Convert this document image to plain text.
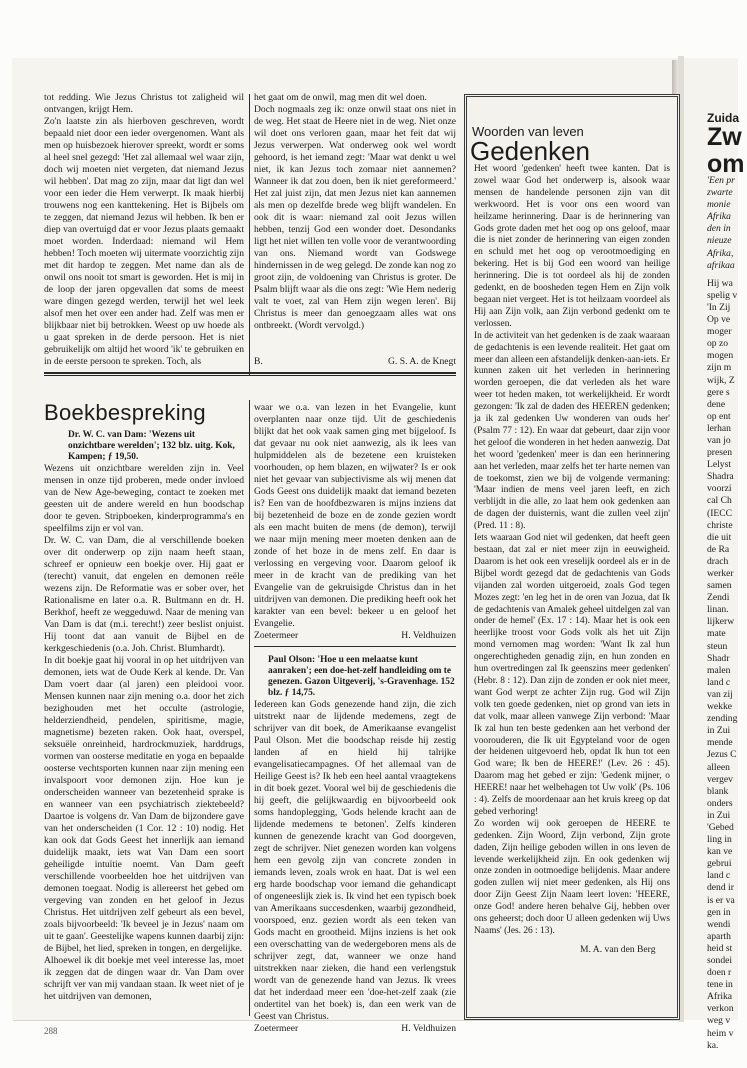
tot redding. Wie Jezus Christus tot zaligheid wil ontvangen, krijgt Hem.

Zo'n laatste zin als hierboven geschreven, wordt bepaald niet door een ieder overgenomen. Want als men op huisbezoek hierover spreekt, wordt er soms al heel snel gezegd: 'Het zal allemaal wel waar zijn, doch wij moeten niet vergeten, dat niemand Jezus wil hebben'. Dat mag zo zijn, maar dat ligt dan wel voor een ieder die Hem verwerpt. Ik maak hierbij trouwens nog een kanttekening. Het is Bijbels om te zeggen, dat niemand Jezus wil hebben. Ik ben er diep van overtuigd dat er voor Jezus plaats gemaakt moet worden. Inderdaad: niemand wil Hem hebben! Toch moeten wij uitermate voorzichtig zijn met dit hardop te zeggen. Met name dan als de onwil ons nooit tot smart is geworden. Het is mij in de loop der jaren opgevallen dat soms de meest ware dingen gezegd werden, terwijl het wel leek alsof men het over een ander had. Zelf was men er blijkbaar niet bij betrokken. Weest op uw hoede als u gaat spreken in de derde persoon. Het is niet gebruikelijk om altijd het woord 'ik' te gebruiken en in de eerste persoon te spreken. Toch, als

het gaat om de onwil, mag men dit wel doen.

Doch nogmaals zeg ik: onze onwil staat ons niet in de weg. Het staat de Heere niet in de weg. Niet onze wil doet ons verloren gaan, maar het feit dat wij Jezus verwerpen. Wat onderweg ook wel wordt gehoord, is het iemand zegt: 'Maar wat denkt u wel niet, ik kan Jezus toch zomaar niet aannemen? Wanneer ik dat zou doen, ben ik niet gereformeerd.' Het zal juist zijn, dat men Jezus niet kan aannemen als men op dezelfde brede weg blijft wandelen. En ook dit is waar: niemand zal ooit Jezus willen hebben, tenzij God een wonder doet. Desondanks ligt het niet willen ten volle voor de verantwoording van ons. Niemand wordt van Godswege hindernissen in de weg gelegd. De zonde kan nog zo groot zijn, de voldoening van Christus is groter. De Psalm blijft waar als die ons zegt: 'Wie Hem nederig valt te voet, zal van Hem zijn wegen leren'. Bij Christus is meer dan genoegzaam alles wat ons ontbreekt. (Wordt vervolgd.)

B.	G. S. A. de Knegt
Boekbespreking

Dr. W. C. van Dam: 'Wezens uit onzichtbare werelden'; 132 blz. uitg. Kok, Kampen; ƒ 19,50.

Wezens uit onzichtbare werelden zijn in. Veel mensen in onze tijd proberen, mede onder invloed van de New Age-beweging, contact te zoeken met geesten uit de andere wereld en hun boodschap door te geven. Stripboeken, kinderprogramma's en speelfilms zijn er vol van.

Dr. W. C. van Dam, die al verschillende boeken over dit onderwerp op zijn naam heeft staan, schreef er opnieuw een boekje over. Hij gaat er (terecht) vanuit, dat engelen en demonen reële wezens zijn. De Reformatie was er sober over, het Rationalisme en later o.a. R. Bultmann en dr. H. Berkhof, heeft ze weggeduwd. Naar de mening van Van Dam is dat (m.i. terecht!) zeer beslist onjuist. Hij toont dat aan vanuit de Bijbel en de kerkgeschiedenis (o.a. Joh. Christ. Blumhardt).

In dit boekje gaat hij vooral in op het uitdrijven van demonen, iets wat de Oude Kerk al kende. Dr. Van Dam voert daar (al jaren) een pleidooi voor. Mensen kunnen naar zijn mening o.a. door het zich bezighouden met het occulte (astrologie, helderziendheid, pendelen, spiritisme, magie, magnetisme) bezeten raken. Ook haat, overspel, seksuële onreinheid, hardrockmuziek, harddrugs, vormen van oosterse meditatie en yoga en bepaalde oosterse vechtsporten kunnen naar zijn mening een invalspoort voor demonen zijn. Hoe kun je onderscheiden wanneer van bezetenheid sprake is en wanneer van een psychiatrisch ziektebeeld? Daartoe is volgens dr. Van Dam de bijzondere gave van het onderscheiden (1 Cor. 12 : 10) nodig. Het kan ook dat Gods Geest het innerlijk aan iemand duidelijk maakt, iets wat Van Dam een soort geheiligde intuïtie noemt. Van Dam geeft verschillende voorbeelden hoe het uitdrijven van demonen toegaat. Nodig is allereerst het gebed om vergeving van zonden en het geloof in Jezus Christus. Het uitdrijven zelf gebeurt als een bevel, zoals bijvoorbeeld: 'Ik beveel je in Jezus' naam om uit te gaan'. Geestelijke wapens kunnen daarbij zijn: de Bijbel, het lied, spreken in tongen, en dergelijke.

Alhoewel ik dit boekje met veel interesse las, moet ik zeggen dat de dingen waar dr. Van Dam over schrijft ver van mij vandaan staan. Ik weet niet of je het uitdrijven van demonen,

waar we o.a. van lezen in het Evangelie, kunt overplanten naar onze tijd. Uit de geschiedenis blijkt dat het ook vaak samen ging met bijgeloof. Is dat gevaar nu ook niet aanwezig, als ik lees van hulpmiddelen als de bezetene een kruisteken voorhouden, op hem blazen, en wijwater? Is er ook niet het gevaar van subjectivisme als wij menen dat Gods Geest ons duidelijk maakt dat iemand bezeten is? Een van de hoofdbezwaren is mijns inziens dat bij bezetenheid de boze en de zonde gezien wordt als een macht buiten de mens (de demon), terwijl we naar mijn mening meer moeten denken aan de zonde of het boze in de mens zelf. En daar is verlossing en vergeving voor. Daarom geloof ik meer in de kracht van de prediking van het Evangelie van de gekruisigde Christus dan in het uitdrijven van demonen. Die prediking heeft ook het karakter van een bevel: bekeer u en geloof het Evangelie.

Zoetermeer	H. Veldhuizen

Paul Olson: 'Hoe u een melaatse kunt aanraken'; een doe-het-zelf handleiding om te genezen. Gazon Uitgeverij, 's-Gravenhage. 152 blz. ƒ 14,75.

Iedereen kan Gods genezende hand zijn, die zich uitstrekt naar de lijdende medemens, zegt de schrijver van dit boek, de Amerikaanse evangelist Paul Olson. Met die boodschap reisde hij zestig landen af en hield hij talrijke evangelisatiecampagnes. Of het allemaal van de Heilige Geest is? Ik heb een heel aantal vraagtekens in dit boek gezet. Vooral wel bij de geschiedenis die hij geeft, die gelijkwaardig en bijvoorbeeld ook soms handoplegging, 'Gods helende kracht aan de lijdende medemens te betonen'. Zelfs kinderen kunnen de genezende kracht van God doorgeven, zegt de schrijver. Niet genezen worden kan volgens hem een gevolg zijn van concrete zonden in iemands leven, zoals wrok en haat. Dat is wel een erg harde boodschap voor iemand die gehandicapt of ongeneeslijk ziek is. Ik vind het een typisch boek van Amerikaans succesdenken, waarbij gezondheid, voorspoed, enz. gezien wordt als een teken van Gods macht en grootheid. Mijns inziens is het ook een overschatting van de wedergeboren mens als de schrijver zegt, dat, wanneer we onze hand uitstrekken naar zieken, die hand een verlengstuk wordt van de genezende hand van Jezus. Ik vrees dat het inderdaad meer een 'doe-het-zelf zaak (zie ondertitel van het boek) is, dan een werk van de Geest van Christus.

Zoetermeer	H. Veldhuizen
Woorden van leven
Gedenken

Het woord 'gedenken' heeft twee kanten. Dat is zowel waar God het onderwerp is, alsook waar mensen de handelende personen zijn van dit werkwoord. Het is voor ons een woord van heilzame herinnering. Daar is de herinnering van Gods grote daden met het oog op ons geloof, maar die is niet zonder de herinnering van eigen zonden en schuld met het oog op verootmoediging en bekering. Het is bij God een woord van heilige herinnering. Die is tot oordeel als hij de zonden gedenkt, en de boosheden tegen Hem en Zijn volk begaan niet vergeet. Het is tot heilzaam voordeel als Hij aan Zijn volk, aan Zijn verbond gedenkt om te verlossen.

In de activiteit van het gedenken is de zaak waaraan de gedachtenis is een levende realiteit. Het gaat om meer dan alleen een afstandelijk denken-aan-iets. Er kunnen zaken uit het verleden in herinnering worden geroepen, die dat verleden als het ware weer tot heden maken, tot werkelijkheid. Er wordt gezongen: 'Ik zal de daden des HEEREN gedenken; ja ik zal gedenken Uw wonderen van ouds her' (Psalm 77 : 12). En waar dat gebeurt, daar zijn voor het geloof die wonderen in het heden aanwezig. Dat het woord 'gedenken' meer is dan een herinnering aan het verleden, maar zelfs het ter harte nemen van de toekomst, zien we bij de volgende vermaning: 'Maar indien de mens veel jaren leeft, en zich verblijdt in die alle, zo laat hem ook gedenken aan de dagen der duisternis, want die zullen veel zijn' (Pred. 11 : 8).

Iets waaraan God niet wil gedenken, dat heeft geen bestaan, dat zal er niet meer zijn in eeuwigheid. Daarom is het ook een vreselijk oordeel als er in de Bijbel wordt gezegd dat de gedachtenis van Gods vijanden zal worden uitgeroeid, zoals God tegen Mozes zegt: 'en leg het in de oren van Jozua, dat Ik de gedachtenis van Amalek geheel uitdelgen zal van onder de hemel' (Ex. 17 : 14). Maar het is ook een heerlijke troost voor Gods volk als het uit Zijn mond vernomen mag worden: 'Want Ik zal hun ongerechtigheden genadig zijn, en hun zonden en hun overtredingen zal Ik geenszins meer gedenken' (Hebr. 8 : 12). Dan zijn de zonden er ook niet meer, want God werpt ze achter Zijn rug. God wil Zijn volk ten goede gedenken, niet op grond van iets in dat volk, maar alleen vanwege Zijn verbond: 'Maar Ik zal hun ten beste gedenken aan het verbond der voorouderen, die Ik uit Egypteland voor de ogen der heidenen uitgevoerd heb, opdat Ik hun tot een God ware; Ik ben de HEERE!' (Lev. 26 : 45). Daarom mag het gebed er zijn: 'Gedenk mijner, o HEERE! naar het welbehagen tot Uw volk' (Ps. 106 : 4). Zelfs de moordenaar aan het kruis kreeg op dat gebed verhoring!

Zo worden wij ook geroepen de HEERE te gedenken. Zijn Woord, Zijn verbond, Zijn grote daden, Zijn heilige geboden willen in ons leven de levende werkelijkheid zijn. En ook gedenken wij onze zonden in ootmoedige belijdenis. Maar andere goden zullen wij niet meer gedenken, als Hij ons door Zijn Geest Zijn Naam leert loven: 'HEERE, onze God! andere heren behalve Gij, hebben over ons geheerst; doch door U alleen gedenken wij Uws Naams' (Jes. 26 : 13).

M. A. van den Berg
288
Zuida
Zw
om
'Een pr
zwarte
monie
Afrika
den in
nieuze
Afrika,
afrikaa
Hij wa
spelig v
'In Zij
Op ve
moger
op zo
mogen
zijn m
wijk, Z
gere s
dene
op ent
lerhan
van jo
presen
Lelyst
Shadra
voorzi
cal Ch
(IECC
christe
die uit
de Ra
drach
werker
samen
Zendi
linan.
lijkerw
mate
steun
Shadr
malen
land c
van zij
wekke
zending
in Zui
mende
Jezus C
alleen
vergev
blank
onders
in Zui
'Gebed
ling in
kan ve
gebrui
land c
dend ir
is er va
gen in
wendi
aparth
heid st
sondei
doen r
tene in
Afrika
verkon
weg v
heim v
ka.
